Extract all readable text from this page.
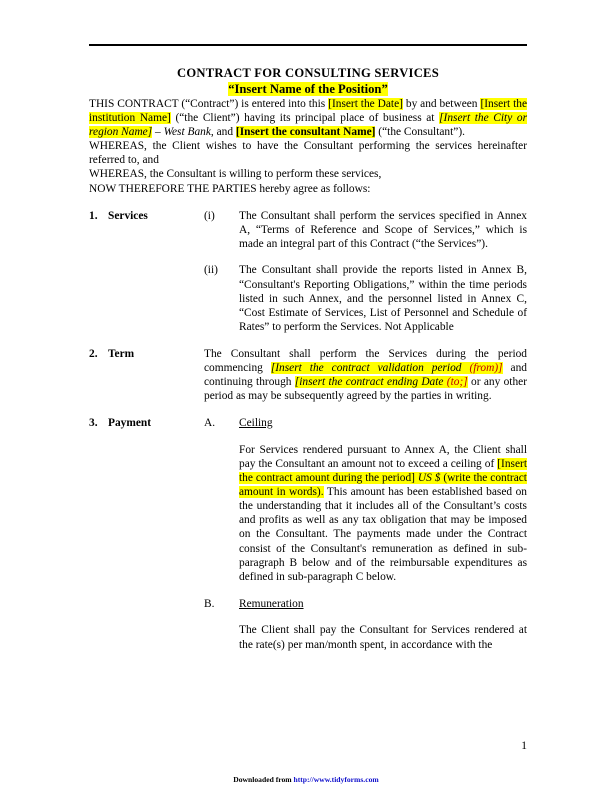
CONTRACT FOR CONSULTING SERVICES
“Insert Name of the Position”

THIS CONTRACT (“Contract”) is entered into this [Insert the Date] by and between [Insert the institution Name] (“the Client”) having its principal place of business at [Insert the City or region Name] – West Bank, and [Insert the consultant Name] (“the Consultant”).

WHEREAS, the Client wishes to have the Consultant performing the services hereinafter referred to, and

WHEREAS, the Consultant is willing to perform these services,

NOW THEREFORE THE PARTIES hereby agree as follows:

1. Services	(i)	The Consultant shall perform the services specified in Annex A, “Terms of Reference and Scope of Services,” which is made an integral part of this Contract (“the Services”).
(ii)	The Consultant shall provide the reports listed in Annex B, “Consultant's Reporting Obligations,” within the time periods listed in such Annex, and the personnel listed in Annex C, “Cost Estimate of Services, List of Personnel and Schedule of Rates” to perform the Services. Not Applicable
2. Term	The Consultant shall perform the Services during the period commencing [Insert the contract validation period (from)] and continuing through [insert the contract ending Date (to;] or any other period as may be subsequently agreed by the parties in writing.
3. Payment	A.	Ceiling
For Services rendered pursuant to Annex A, the Client shall pay the Consultant an amount not to exceed a ceiling of [Insert the contract amount during the period] US $ (write the contract amount in words). This amount has been established based on the understanding that it includes all of the Consultant’s costs and profits as well as any tax obligation that may be imposed on the Consultant. The payments made under the Contract consist of the Consultant's remuneration as defined in sub-paragraph B below and of the reimbursable expenditures as defined in sub-paragraph C below.
B.	Remuneration
The Client shall pay the Consultant for Services rendered at the rate(s) per man/month spent, in accordance with the
1
Downloaded from http://www.tidyforms.com
